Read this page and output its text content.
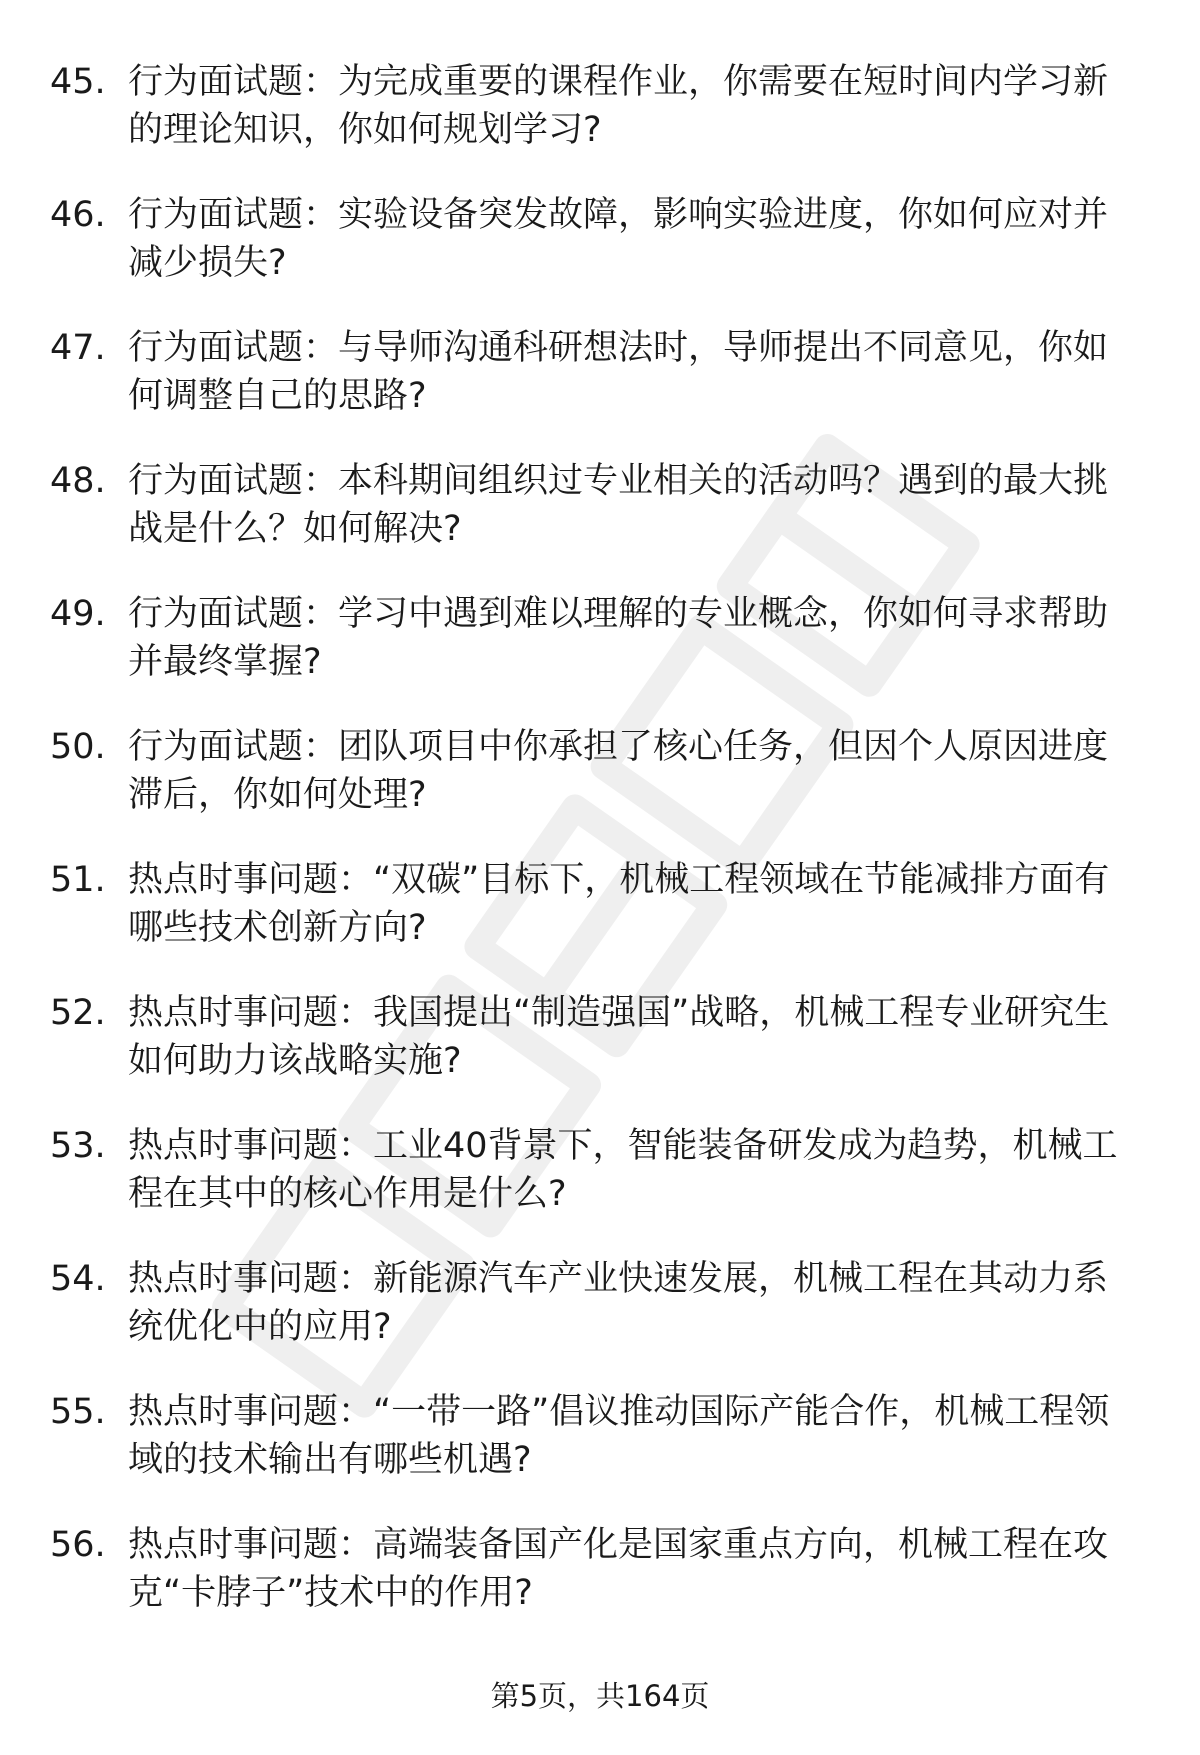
45. 行为面试题：为完成重要的课程作业，你需要在短时间内学习新的理论知识，你如何规划学习?
46. 行为面试题：实验设备突发故障，影响实验进度，你如何应对并减少损失?
47. 行为面试题：与导师沟通科研想法时，导师提出不同意见，你如何调整自己的思路?
48. 行为面试题：本科期间组织过专业相关的活动吗？遇到的最大挑战是什么？如何解决?
49. 行为面试题：学习中遇到难以理解的专业概念，你如何寻求帮助并最终掌握?
50. 行为面试题：团队项目中你承担了核心任务，但因个人原因进度滞后，你如何处理?
51. 热点时事问题：“双碳”目标下，机械工程领域在节能减排方面有哪些技术创新方向?
52. 热点时事问题：我国提出“制造强国”战略，机械工程专业研究生如何助力该战略实施?
53. 热点时事问题：工业40背景下，智能装备研发成为趋势，机械工程在其中的核心作用是什么?
54. 热点时事问题：新能源汽车产业快速发展，机械工程在其动力系统优化中的应用?
55. 热点时事问题：“一带一路”倡议推动国际产能合作，机械工程领域的技术输出有哪些机遇?
56. 热点时事问题：高端装备国产化是国家重点方向，机械工程在攻克“卡脖子”技术中的作用?
第5页，共164页
